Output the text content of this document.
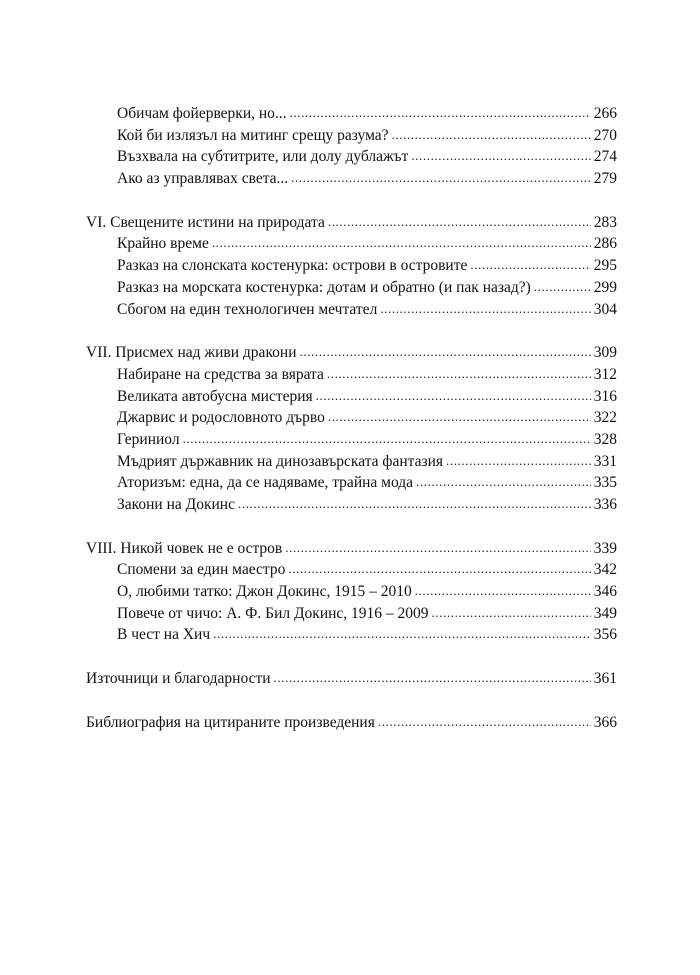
Обичам фойерверки, но... .....	266
Кой би излязъл на митинг срещу разума? .....	270
Възхвала на субтитрите, или долу дублажът .....	274
Ако аз управлявах света... .....	279
VI. Свещените истини на природата .....	283
Крайно време .....	286
Разказ на слонската костенурка: острови в островите .....	295
Разказ на морската костенурка: дотам и обратно (и пак назад?) .....	299
Сбогом на един технологичен мечтател .....	304
VII. Присмех над живи дракони .....	309
Набиране на средства за вярата .....	312
Великата автобусна мистерия .....	316
Джарвис и родословното дърво .....	322
Гериниол .....	328
Мъдрият държавник на динозавърската фантазия .....	331
Аторизъм: една, да се надяваме, трайна мода .....	335
Закони на Докинс .....	336
VIII. Никой човек не е остров .....	339
Спомени за един маестро .....	342
О, любими татко: Джон Докинс, 1915 – 2010 .....	346
Повече от чичо: А. Ф. Бил Докинс, 1916 – 2009 .....	349
В чест на Хич .....	356
Източници и благодарности .....	361
Библиография на цитираните произведения .....	366
